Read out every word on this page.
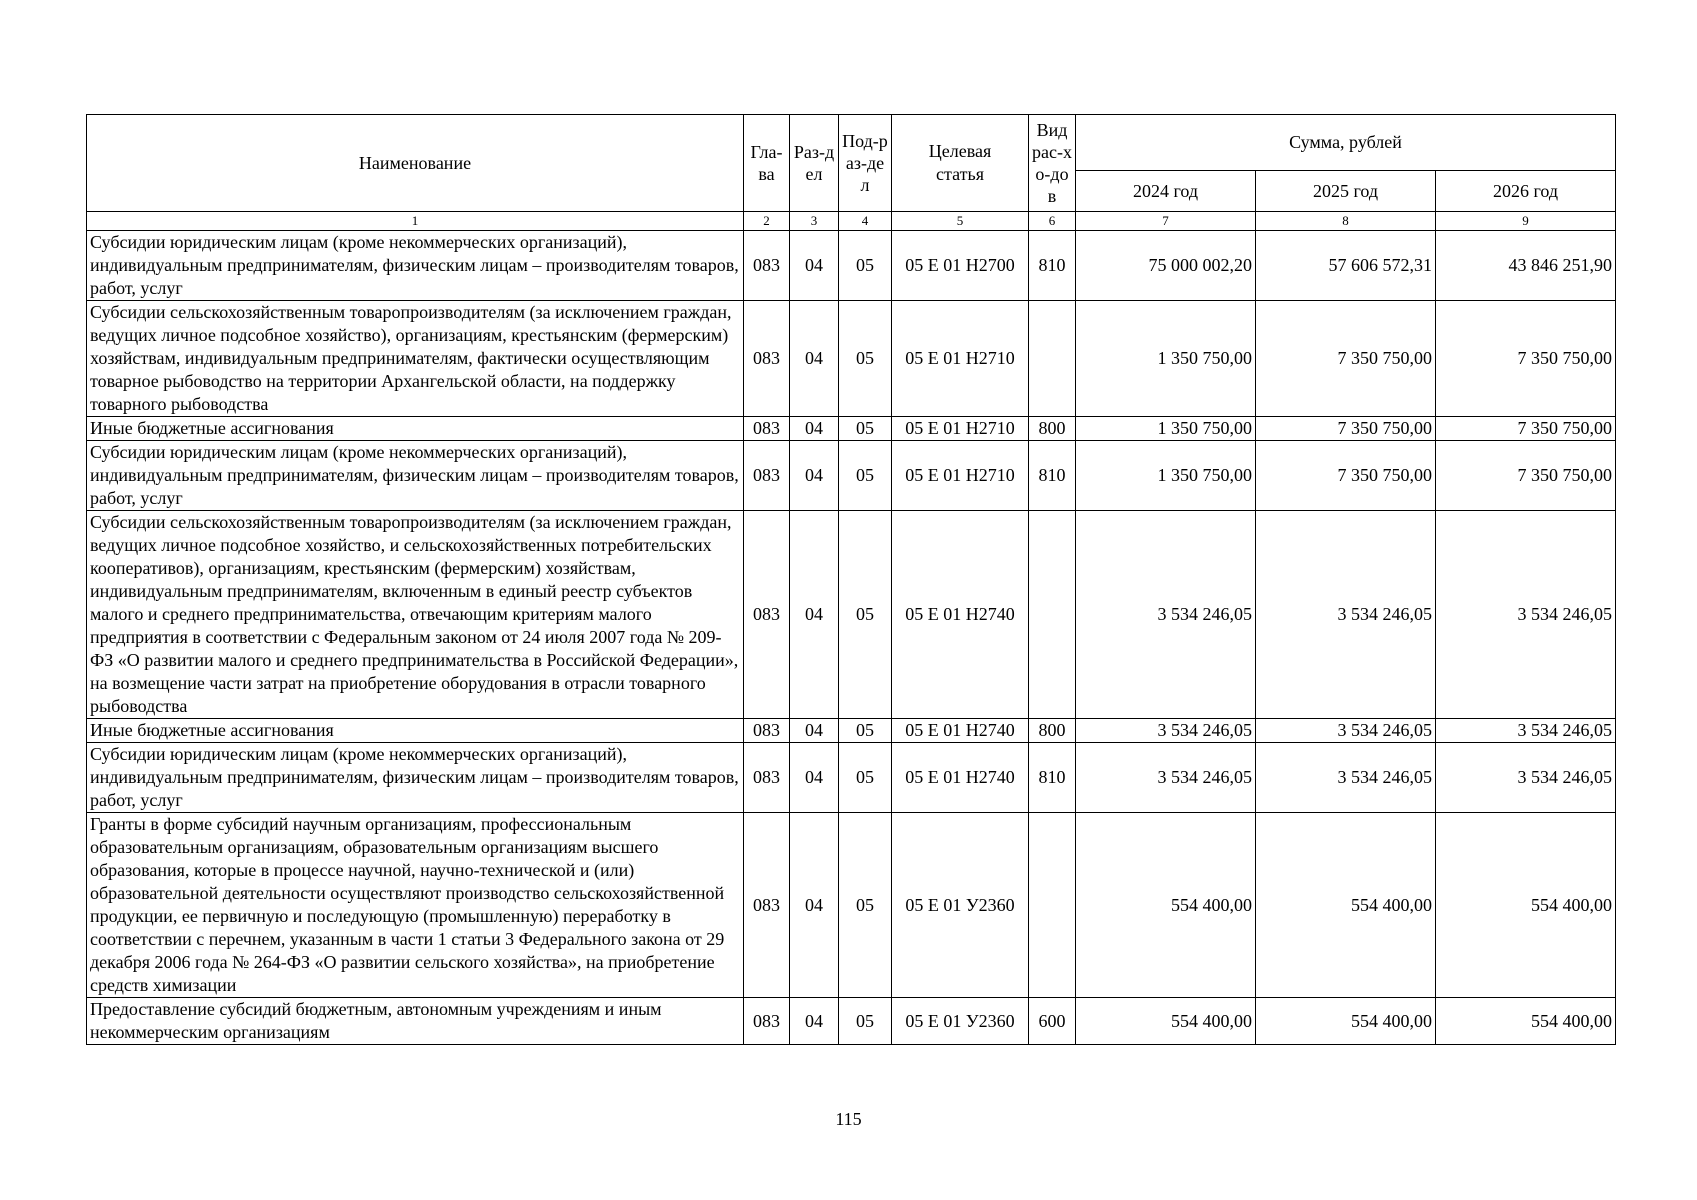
Наименование	Гла-ва	Раз-дел	Под-раз-дел	Целевая статья	Вид рас-хо-дов	Сумма, рублей		
						2024 год	2025 год	2026 год
1	2	3	4	5	6	7	8	9
Субсидии юридическим лицам (кроме некоммерческих организаций), индивидуальным предпринимателям, физическим лицам – производителям товаров, работ, услуг	083	04	05	05 Е 01 Н2700	810	75 000 002,20	57 606 572,31	43 846 251,90
Субсидии сельскохозяйственным товаропроизводителям (за исключением граждан, ведущих личное подсобное хозяйство), организациям, крестьянским (фермерским) хозяйствам, индивидуальным предпринимателям, фактически осуществляющим товарное рыбоводство на территории Архангельской области, на поддержку товарного рыбоводства	083	04	05	05 Е 01 Н2710		1 350 750,00	7 350 750,00	7 350 750,00
Иные бюджетные ассигнования	083	04	05	05 Е 01 Н2710	800	1 350 750,00	7 350 750,00	7 350 750,00
Субсидии юридическим лицам (кроме некоммерческих организаций), индивидуальным предпринимателям, физическим лицам – производителям товаров, работ, услуг	083	04	05	05 Е 01 Н2710	810	1 350 750,00	7 350 750,00	7 350 750,00
Субсидии сельскохозяйственным товаропроизводителям (за исключением граждан, ведущих личное подсобное хозяйство, и сельскохозяйственных потребительских кооперативов), организациям, крестьянским (фермерским) хозяйствам, индивидуальным предпринимателям, включенным в единый реестр субъектов малого и среднего предпринимательства, отвечающим критериям малого предприятия в соответствии с Федеральным законом от 24 июля 2007 года № 209-ФЗ «О развитии малого и среднего предпринимательства в Российской Федерации», на возмещение части затрат на приобретение оборудования в отрасли товарного рыбоводства	083	04	05	05 Е 01 Н2740		3 534 246,05	3 534 246,05	3 534 246,05
Иные бюджетные ассигнования	083	04	05	05 Е 01 Н2740	800	3 534 246,05	3 534 246,05	3 534 246,05
Субсидии юридическим лицам (кроме некоммерческих организаций), индивидуальным предпринимателям, физическим лицам – производителям товаров, работ, услуг	083	04	05	05 Е 01 Н2740	810	3 534 246,05	3 534 246,05	3 534 246,05
Гранты в форме субсидий научным организациям, профессиональным образовательным организациям, образовательным организациям высшего образования, которые в процессе научной, научно-технической и (или) образовательной деятельности осуществляют производство сельскохозяйственной продукции, ее первичную и последующую (промышленную) переработку в соответствии с перечнем, указанным в части 1 статьи 3 Федерального закона от 29 декабря 2006 года № 264-ФЗ «О развитии сельского хозяйства», на приобретение средств химизации	083	04	05	05 Е 01 У2360		554 400,00	554 400,00	554 400,00
Предоставление субсидий бюджетным, автономным учреждениям и иным некоммерческим организациям	083	04	05	05 Е 01 У2360	600	554 400,00	554 400,00	554 400,00
115
